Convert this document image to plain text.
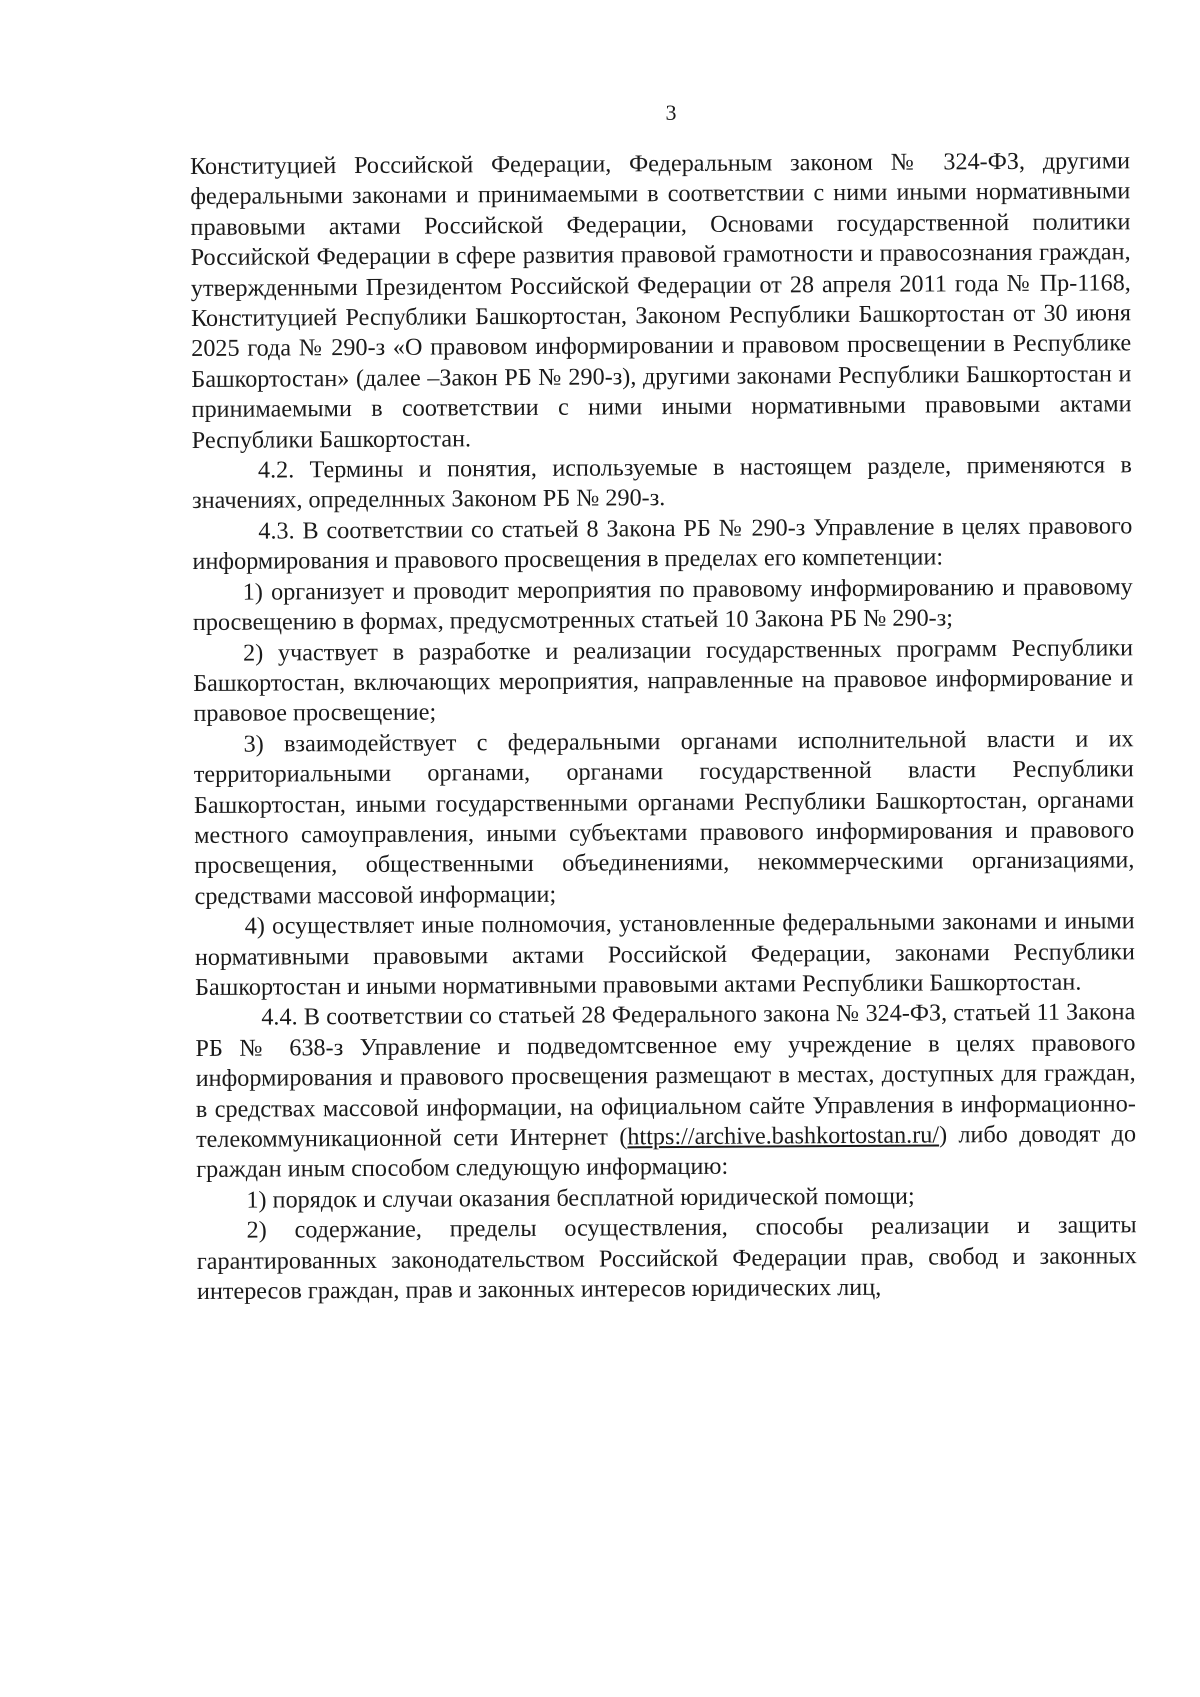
3

Конституцией Российской Федерации, Федеральным законом № 324-ФЗ, другими федеральными законами и принимаемыми в соответствии с ними иными нормативными правовыми актами Российской Федерации, Основами государственной политики Российской Федерации в сфере развития правовой грамотности и правосознания граждан, утвержденными Президентом Российской Федерации от 28 апреля 2011 года № Пр-1168, Конституцией Республики Башкортостан, Законом Республики Башкортостан от 30 июня 2025 года № 290-з «О правовом информировании и правовом просвещении в Республике Башкортостан» (далее –Закон РБ № 290-з), другими законами Республики Башкортостан и принимаемыми в соответствии с ними иными нормативными правовыми актами Республики Башкортостан.

4.2. Термины и понятия, используемые в настоящем разделе, применяются в значениях, определнных Законом РБ № 290-з.

4.3. В соответствии со статьей 8 Закона РБ № 290-з Управление в целях правового информирования и правового просвещения в пределах его компетенции:

1) организует и проводит мероприятия по правовому информированию и правовому просвещению в формах, предусмотренных статьей 10 Закона РБ № 290-з;

2) участвует в разработке и реализации государственных программ Республики Башкортостан, включающих мероприятия, направленные на правовое информирование и правовое просвещение;

3) взаимодействует с федеральными органами исполнительной власти и их территориальными органами, органами государственной власти Республики Башкортостан, иными государственными органами Республики Башкортостан, органами местного самоуправления, иными субъектами правового информирования и правового просвещения, общественными объединениями, некоммерческими организациями, средствами массовой информации;

4) осуществляет иные полномочия, установленные федеральными законами и иными нормативными правовыми актами Российской Федерации, законами Республики Башкортостан и иными нормативными правовыми актами Республики Башкортостан.

4.4. В соответствии со статьей 28 Федерального закона № 324-ФЗ, статьей 11 Закона РБ № 638-з Управление и подведомтсвенное ему учреждение в целях правового информирования и правового просвещения размещают в местах, доступных для граждан, в средствах массовой информации, на официальном сайте Управления в информационно-телекоммуникационной сети Интернет (https://archive.bashkortostan.ru/) либо доводят до граждан иным способом следующую информацию:

1) порядок и случаи оказания бесплатной юридической помощи;

2) содержание, пределы осуществления, способы реализации и защиты гарантированных законодательством Российской Федерации прав, свобод и законных интересов граждан, прав и законных интересов юридических лиц,
